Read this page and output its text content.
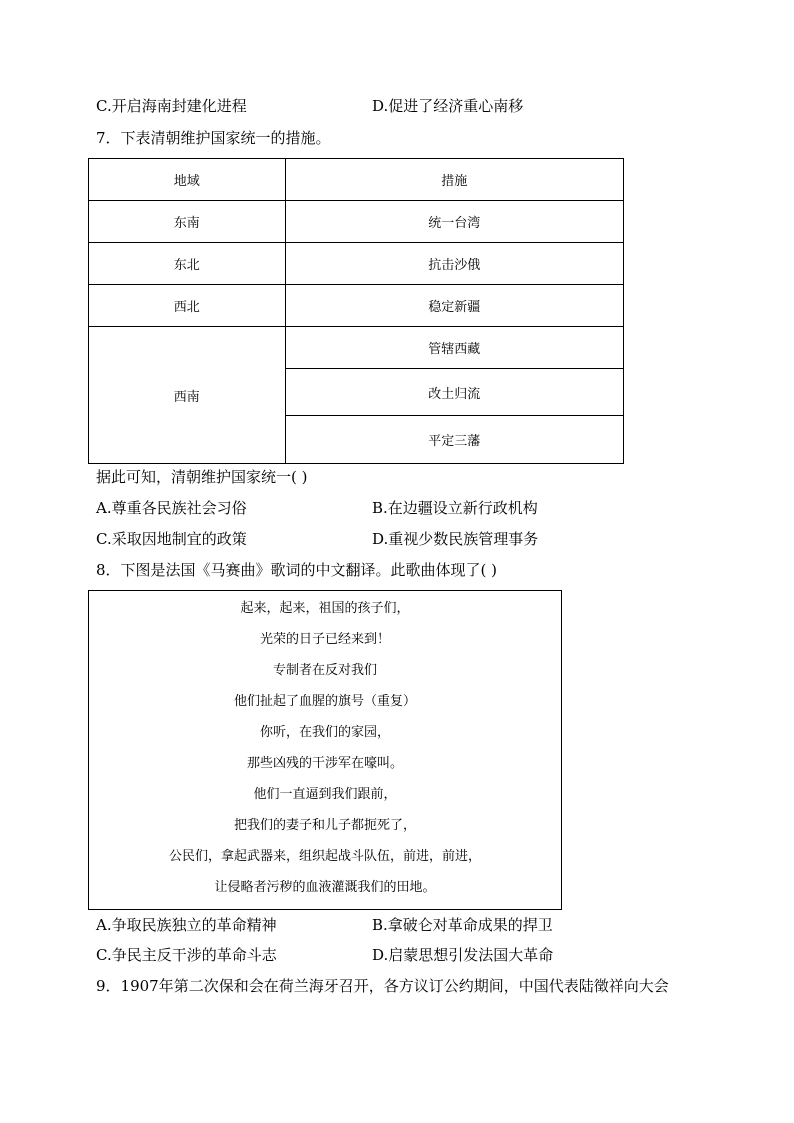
C.开启海南封建化进程	D.促进了经济重心南移
7．下表清朝维护国家统一的措施。
地域	措施
东南	统一台湾
东北	抗击沙俄
西北	稳定新疆
西南	管辖西藏
	改土归流
	平定三藩
据此可知，清朝维护国家统一( )
A.尊重各民族社会习俗	B.在边疆设立新行政机构
C.采取因地制宜的政策	D.重视少数民族管理事务
8．下图是法国《马赛曲》歌词的中文翻译。此歌曲体现了( )
起来，起来，祖国的孩子们，
光荣的日子已经来到！
专制者在反对我们
他们扯起了血腥的旗号（重复）
你听，在我们的家园，
那些凶残的干涉军在嚎叫。
他们一直逼到我们跟前，
把我们的妻子和儿子都扼死了，
公民们，拿起武器来，组织起战斗队伍，前进，前进，
让侵略者污秽的血液灌溉我们的田地。
A.争取民族独立的革命精神	B.拿破仑对革命成果的捍卫
C.争民主反干涉的革命斗志	D.启蒙思想引发法国大革命
9．1907年第二次保和会在荷兰海牙召开，各方议订公约期间，中国代表陆徵祥向大会
